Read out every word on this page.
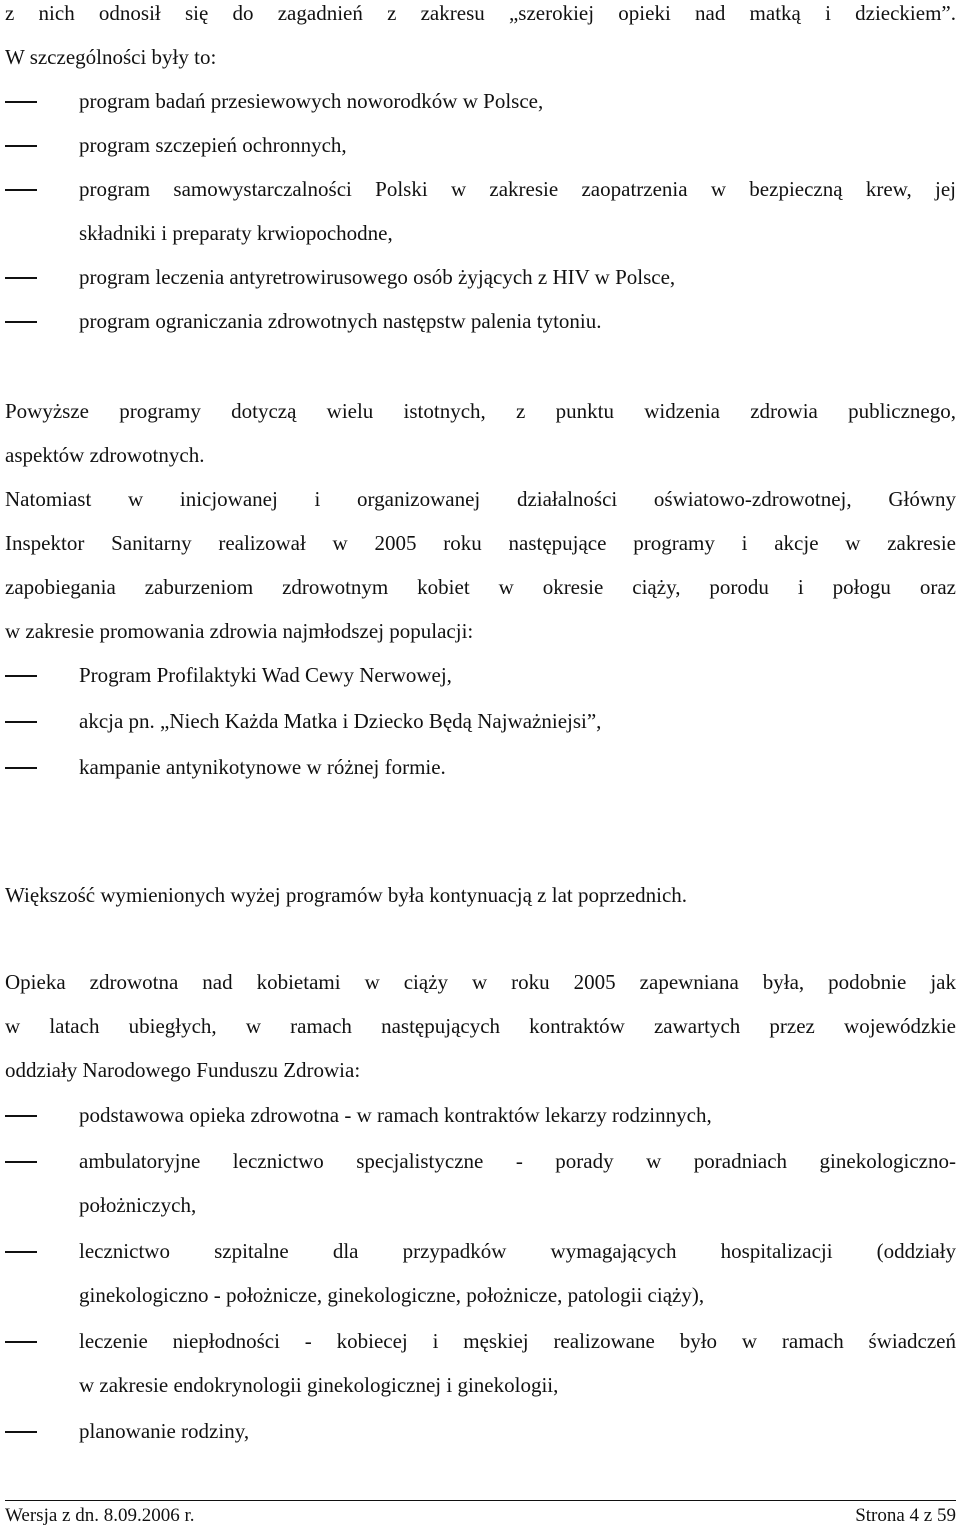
z nich odnosił się do zagadnień z zakresu „szerokiej opieki nad matką i dzieckiem”.
W szczególności były to:
program badań przesiewowych noworodków w Polsce,
program szczepień ochronnych,
program samowystarczalności Polski w zakresie zaopatrzenia w bezpieczną krew, jej
składniki i preparaty krwiopochodne,
program leczenia antyretrowirusowego osób żyjących z HIV w Polsce,
program ograniczania zdrowotnych następstw palenia tytoniu.
Powyższe programy dotyczą wielu istotnych, z punktu widzenia zdrowia publicznego,
aspektów zdrowotnych.
Natomiast w inicjowanej i organizowanej działalności oświatowo-zdrowotnej, Główny
Inspektor Sanitarny realizował w 2005 roku następujące programy i akcje w zakresie
zapobiegania zaburzeniom zdrowotnym kobiet w okresie ciąży, porodu i połogu oraz
w zakresie promowania zdrowia najmłodszej populacji:
Program Profilaktyki Wad Cewy Nerwowej,
akcja pn. „Niech Każda Matka i Dziecko Będą Najważniejsi”,
kampanie antynikotynowe w różnej formie.
Większość wymienionych wyżej programów była kontynuacją z lat poprzednich.
Opieka zdrowotna nad kobietami w ciąży w roku 2005 zapewniana była, podobnie jak
w latach ubiegłych, w ramach następujących kontraktów zawartych przez wojewódzkie
oddziały Narodowego Funduszu Zdrowia:
podstawowa opieka zdrowotna - w ramach kontraktów lekarzy rodzinnych,
ambulatoryjne lecznictwo specjalistyczne - porady w poradniach ginekologiczno-
położniczych,
lecznictwo szpitalne dla przypadków wymagających hospitalizacji (oddziały
ginekologiczno - położnicze, ginekologiczne, położnicze, patologii ciąży),
leczenie niepłodności - kobiecej i męskiej realizowane było w ramach świadczeń
w zakresie endokrynologii ginekologicznej i ginekologii,
planowanie rodziny,
Wersja z dn. 8.09.2006 r.	Strona 4 z 59
